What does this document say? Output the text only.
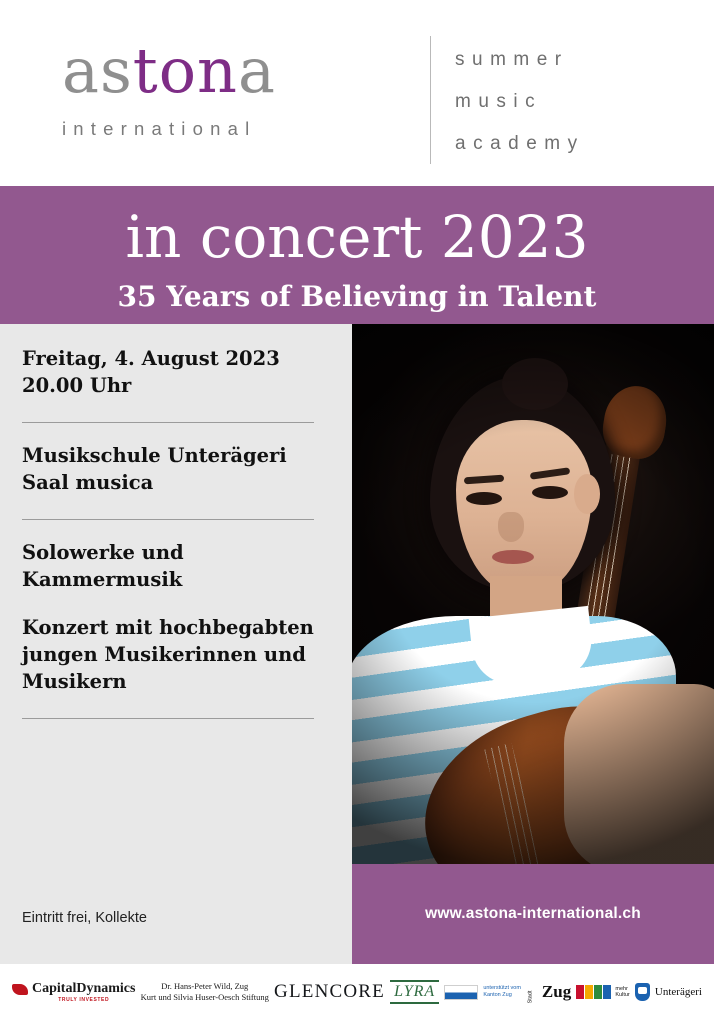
astona
international
summer
music
academy
in concert 2023
35 Years of Believing in Talent
Freitag, 4. August 2023
20.00 Uhr
Musikschule Unterägeri
Saal musica
Solowerke und Kammermusik
Konzert mit hochbegabten
jungen Musikerinnen und
Musikern
Eintritt frei, Kollekte	www.astona-international.ch
CapitalDynamics
TRULY INVESTED
Dr. Hans-Peter Wild, Zug
Kurt und Silvia Huser-Oesch Stiftung GLENCORE LYRA	unterstützt vom
Kanton Zug	Stadt Zug	mehr
Kultur Unterägeri
